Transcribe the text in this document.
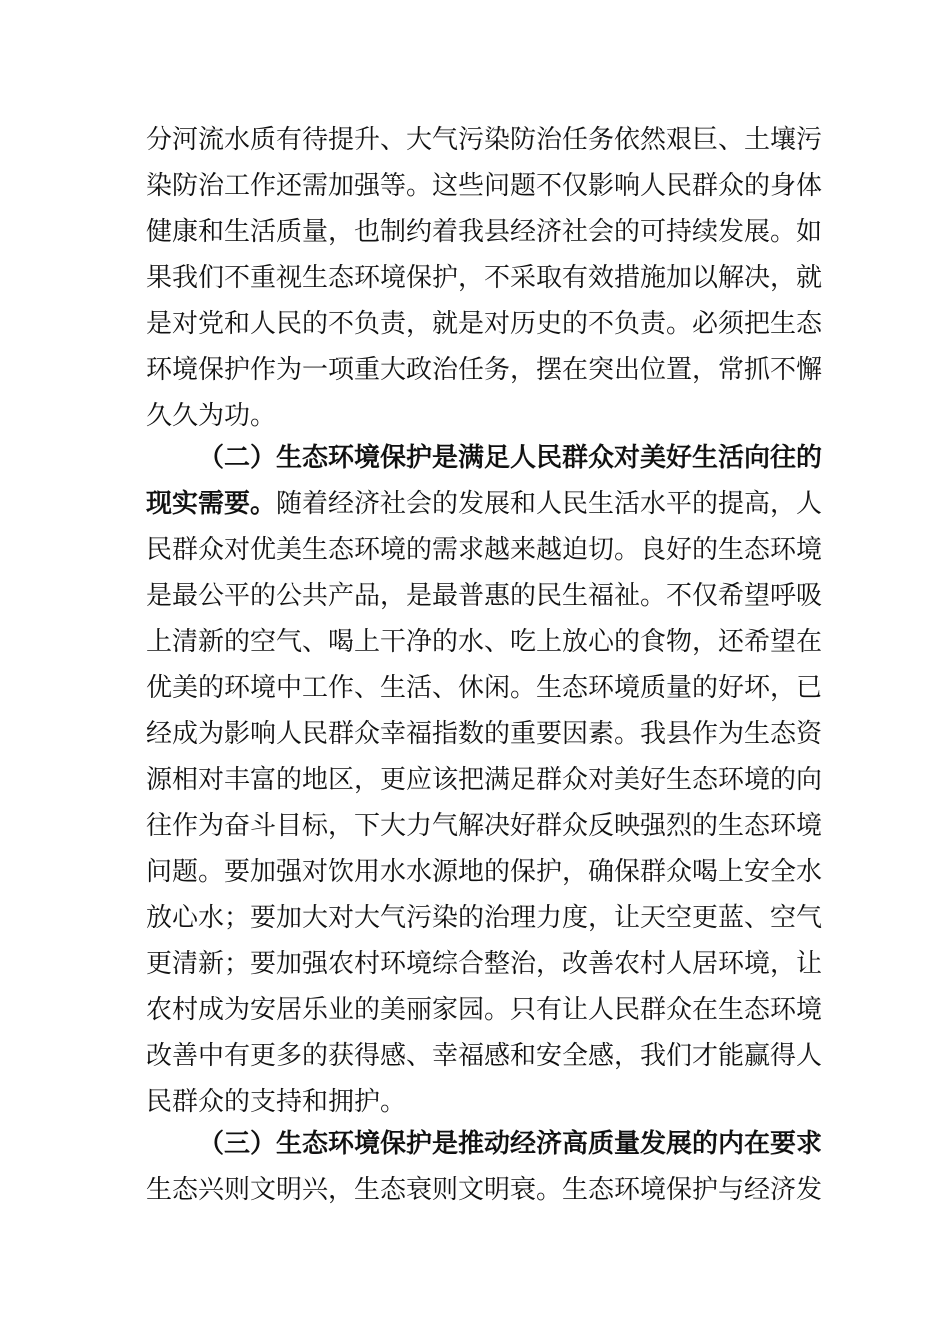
分河流水质有待提升、大气污染防治任务依然艰巨、土壤污
染防治工作还需加强等。这些问题不仅影响人民群众的身体
健康和生活质量，也制约着我县经济社会的可持续发展。如
果我们不重视生态环境保护，不采取有效措施加以解决，就
是对党和人民的不负责，就是对历史的不负责。必须把生态
环境保护作为一项重大政治任务，摆在突出位置，常抓不懈
久久为功。
（二）生态环境保护是满足人民群众对美好生活向往的
现实需要。随着经济社会的发展和人民生活水平的提高，人
民群众对优美生态环境的需求越来越迫切。良好的生态环境
是最公平的公共产品，是最普惠的民生福祉。不仅希望呼吸
上清新的空气、喝上干净的水、吃上放心的食物，还希望在
优美的环境中工作、生活、休闲。生态环境质量的好坏，已
经成为影响人民群众幸福指数的重要因素。我县作为生态资
源相对丰富的地区，更应该把满足群众对美好生态环境的向
往作为奋斗目标，下大力气解决好群众反映强烈的生态环境
问题。要加强对饮用水水源地的保护，确保群众喝上安全水
放心水；要加大对大气污染的治理力度，让天空更蓝、空气
更清新；要加强农村环境综合整治，改善农村人居环境，让
农村成为安居乐业的美丽家园。只有让人民群众在生态环境
改善中有更多的获得感、幸福感和安全感，我们才能赢得人
民群众的支持和拥护。
（三）生态环境保护是推动经济高质量发展的内在要求
生态兴则文明兴，生态衰则文明衰。生态环境保护与经济发
